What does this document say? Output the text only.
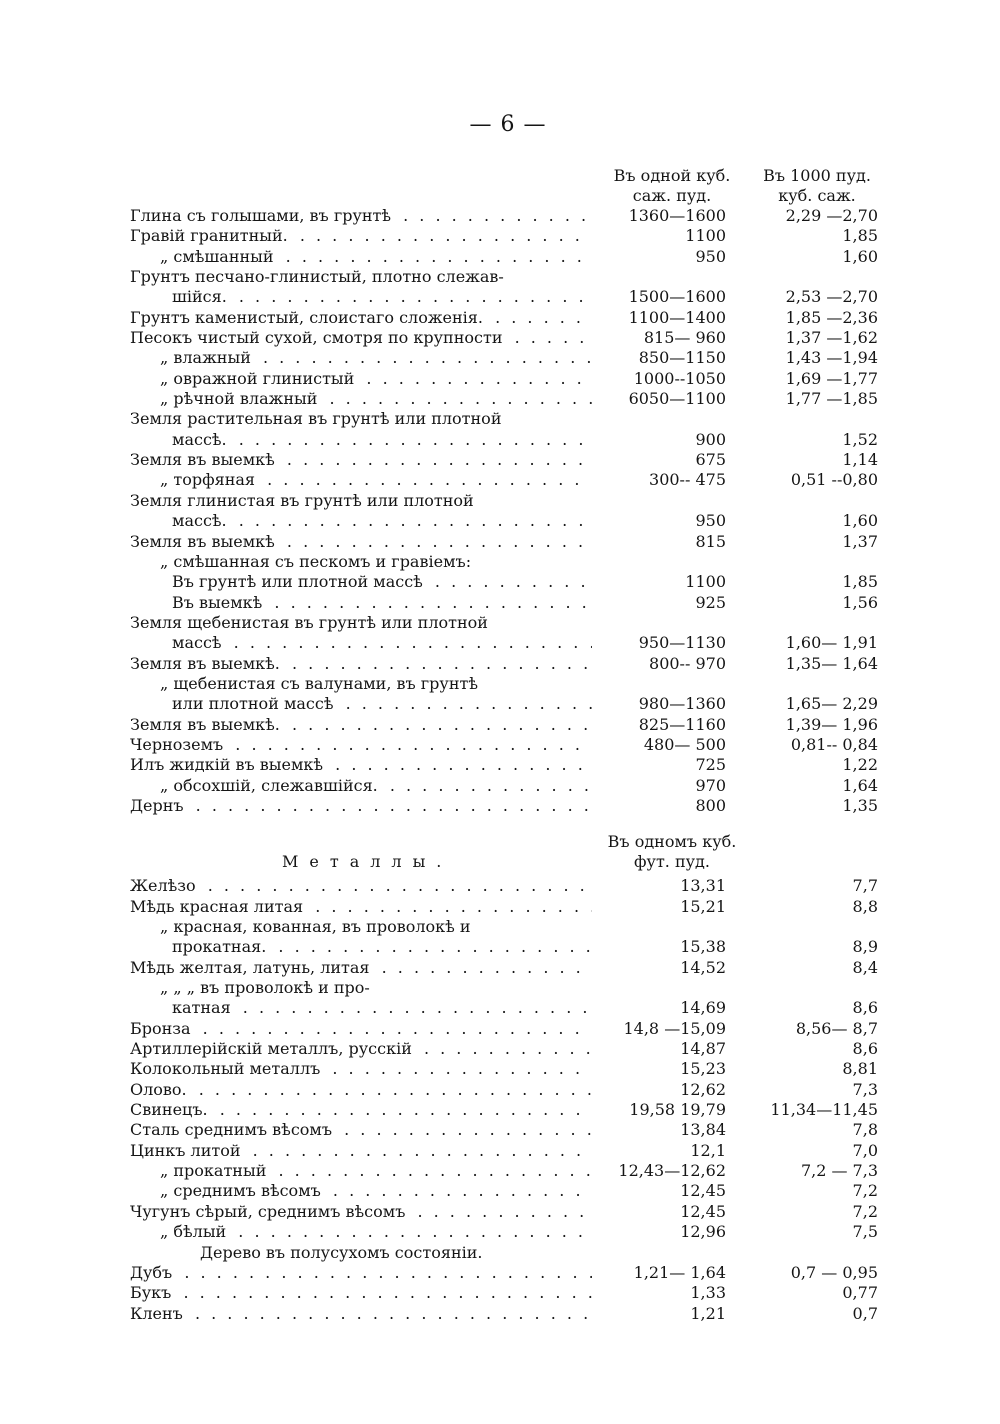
— 6 —
Въ одной куб.
саж. пуд.
Въ 1000 пуд.
куб. саж.
Въ одномъ куб.
фут. пуд.
Металлы.
Глина съ голышами, въ грунтѣ . . .	1360—1600	2,29 —2,70
Гравій гранитный. . . .	1100	1,85
„ смѣшанный . . .	950	1,60
Грунтъ песчано-глинистый, плотно слежав-
шійся. . . .	1500—1600	2,53 —2,70
Грунтъ каменистый, слоистаго сложенія. . . .	1100—1400	1,85 —2,36
Песокъ чистый сухой, смотря по крупности . . .	815— 960	1,37 —1,62
„ влажный . . .	850—1150	1,43 —1,94
„ овражной глинистый . . .	1000--1050	1,69 —1,77
„ рѣчной влажный . . .	6050—1100	1,77 —1,85
Земля растительная въ грунтѣ или плотной
массѣ. . . .	900	1,52
Земля въ выемкѣ . . .	675	1,14
„ торфяная . . .	300-- 475	0,51 --0,80
Земля глинистая въ грунтѣ или плотной
массѣ. . . .	950	1,60
Земля въ выемкѣ . . .	815	1,37
„ смѣшанная съ пескомъ и гравіемъ:
Въ грунтѣ или плотной массѣ . . .	1100	1,85
Въ выемкѣ . . .	925	1,56
Земля щебенистая въ грунтѣ или плотной
массѣ . . .	950—1130	1,60— 1,91
Земля въ выемкѣ. . . .	800-- 970	1,35— 1,64
„ щебенистая съ валунами, въ грунтѣ
или плотной массѣ . . .	980—1360	1,65— 2,29
Земля въ выемкѣ. . . .	825—1160	1,39— 1,96
Черноземъ . . .	480— 500	0,81-- 0,84
Илъ жидкій въ выемкѣ . . .	725	1,22
„ обсохшій, слежавшійся. . . .	970	1,64
Дернъ . . .	800	1,35
Желѣзо . . .	13,31	7,7
Мѣдь красная литая . . .	15,21	8,8
„ красная, кованная, въ проволокѣ и
прокатная. . . .	15,38	8,9
Мѣдь желтая, латунь, литая . . .	14,52	8,4
„ „ „ въ проволокѣ и про-
катная . . .	14,69	8,6
Бронза . . .	14,8 —15,09	8,56— 8,7
Артиллерійскій металлъ, русскій . . .	14,87	8,6
Колокольный металлъ . . .	15,23	8,81
Олово. . . .	12,62	7,3
Свинецъ. . . .	19,58 19,79	11,34—11,45
Сталь среднимъ вѣсомъ . . .	13,84	7,8
Цинкъ литой . . .	12,1	7,0
„ прокатный . . .	12,43—12,62	7,2 — 7,3
„ среднимъ вѣсомъ . . .	12,45	7,2
Чугунъ сѣрый, среднимъ вѣсомъ . . .	12,45	7,2
„ бѣлый . . .	12,96	7,5
Дерево въ полусухомъ состояніи.
Дубъ . . .	1,21— 1,64	0,7 — 0,95
Букъ . . .	1,33	0,77
Кленъ . . .	1,21	0,7
